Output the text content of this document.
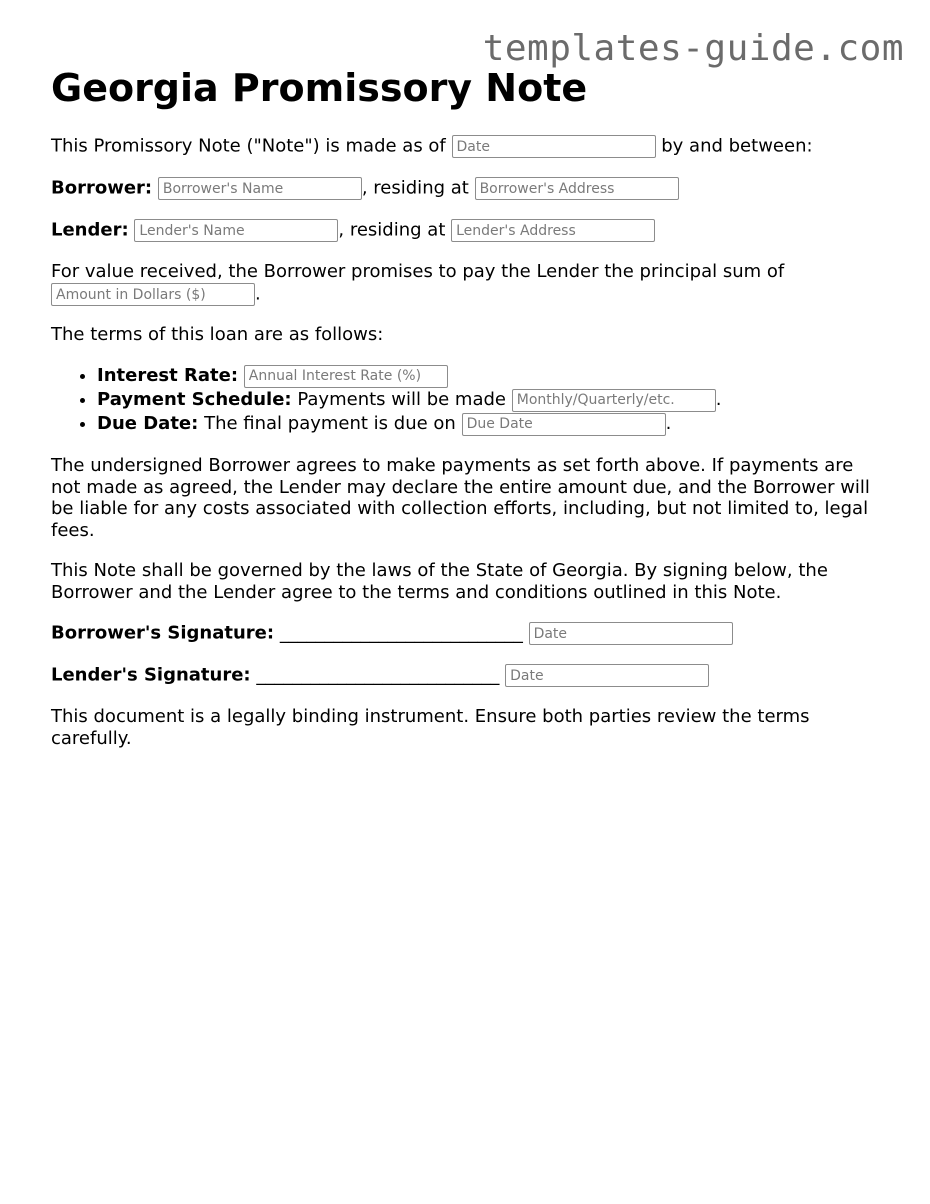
templates-guide.com
Georgia Promissory Note
This Promissory Note ("Note") is made as of Date	by and between:
Borrower: Borrower's Name	, residing at Borrower's Address
Lender: Lender's Name	, residing at Lender's Address
For value received, the Borrower promises to pay the Lender the principal sum of
Amount in Dollars ($).
The terms of this loan are as follows:
• Interest Rate: Annual Interest Rate (%)
• Payment Schedule: Payments will be made Monthly/Quarterly/etc.	.
• Due Date: The final payment is due on Due Date	.
The undersigned Borrower agrees to make payments as set forth above. If payments are not made as agreed, the Lender may declare the entire amount due, and the Borrower will be liable for any costs associated with collection efforts, including, but not limited to, legal fees.
This Note shall be governed by the laws of the State of Georgia. By signing below, the Borrower and the Lender agree to the terms and conditions outlined in this Note.
Borrower's Signature: ___________________________ Date
Lender's Signature: ___________________________ Date
This document is a legally binding instrument. Ensure both parties review the terms carefully.
